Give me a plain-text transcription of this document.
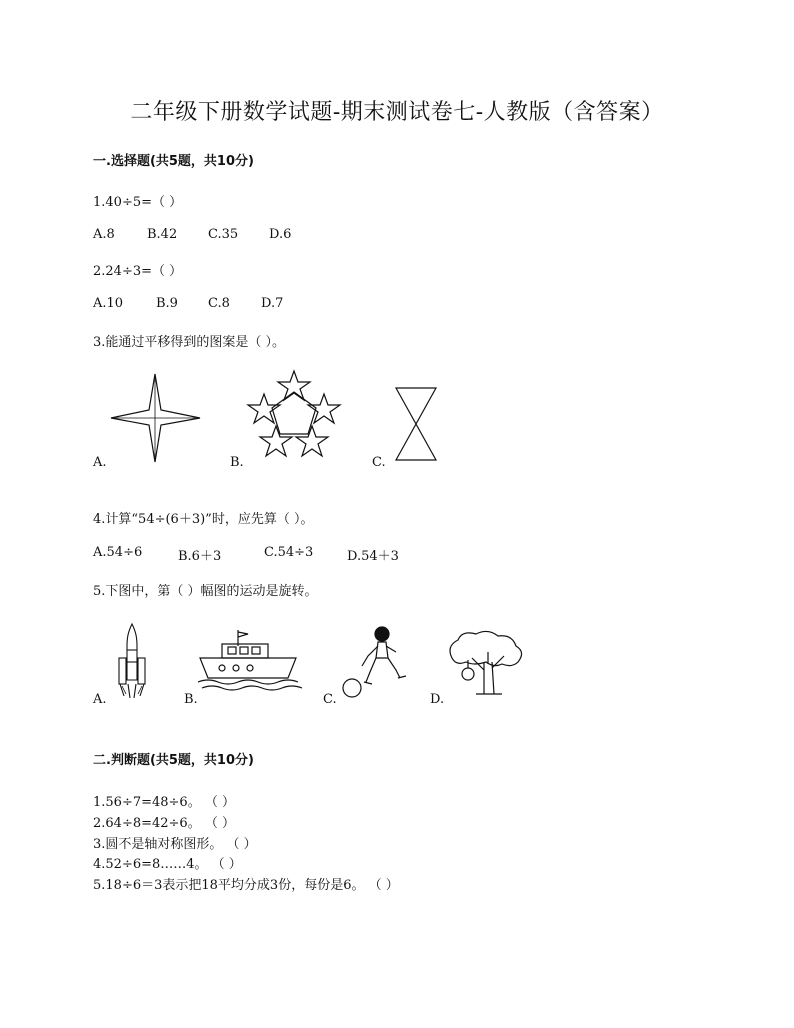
二年级下册数学试题-期末测试卷七-人教版（含答案）
一.选择题(共5题，共10分)
1.40÷5=（ ）
A.8 B.42 C.35 D.6
2.24÷3=（ ）
A.10	B.9 C.8 D.7
3.能通过平移得到的图案是（ ）。
A.	B.	C.
4.计算“54÷(6＋3)”时，应先算（ ）。
A.54÷6	B.6＋3	C.54÷3	D.54＋3
5.下图中，第（ ）幅图的运动是旋转。
A.	B.	C.	D.
二.判断题(共5题，共10分)
1.56÷7=48÷6。 （ ）
2.64÷8=42÷6。 （ ）
3.圆不是轴对称图形。 （ ）
4.52÷6=8……4。 （ ）
5.18÷6＝3表示把18平均分成3份，每份是6。 （ ）
